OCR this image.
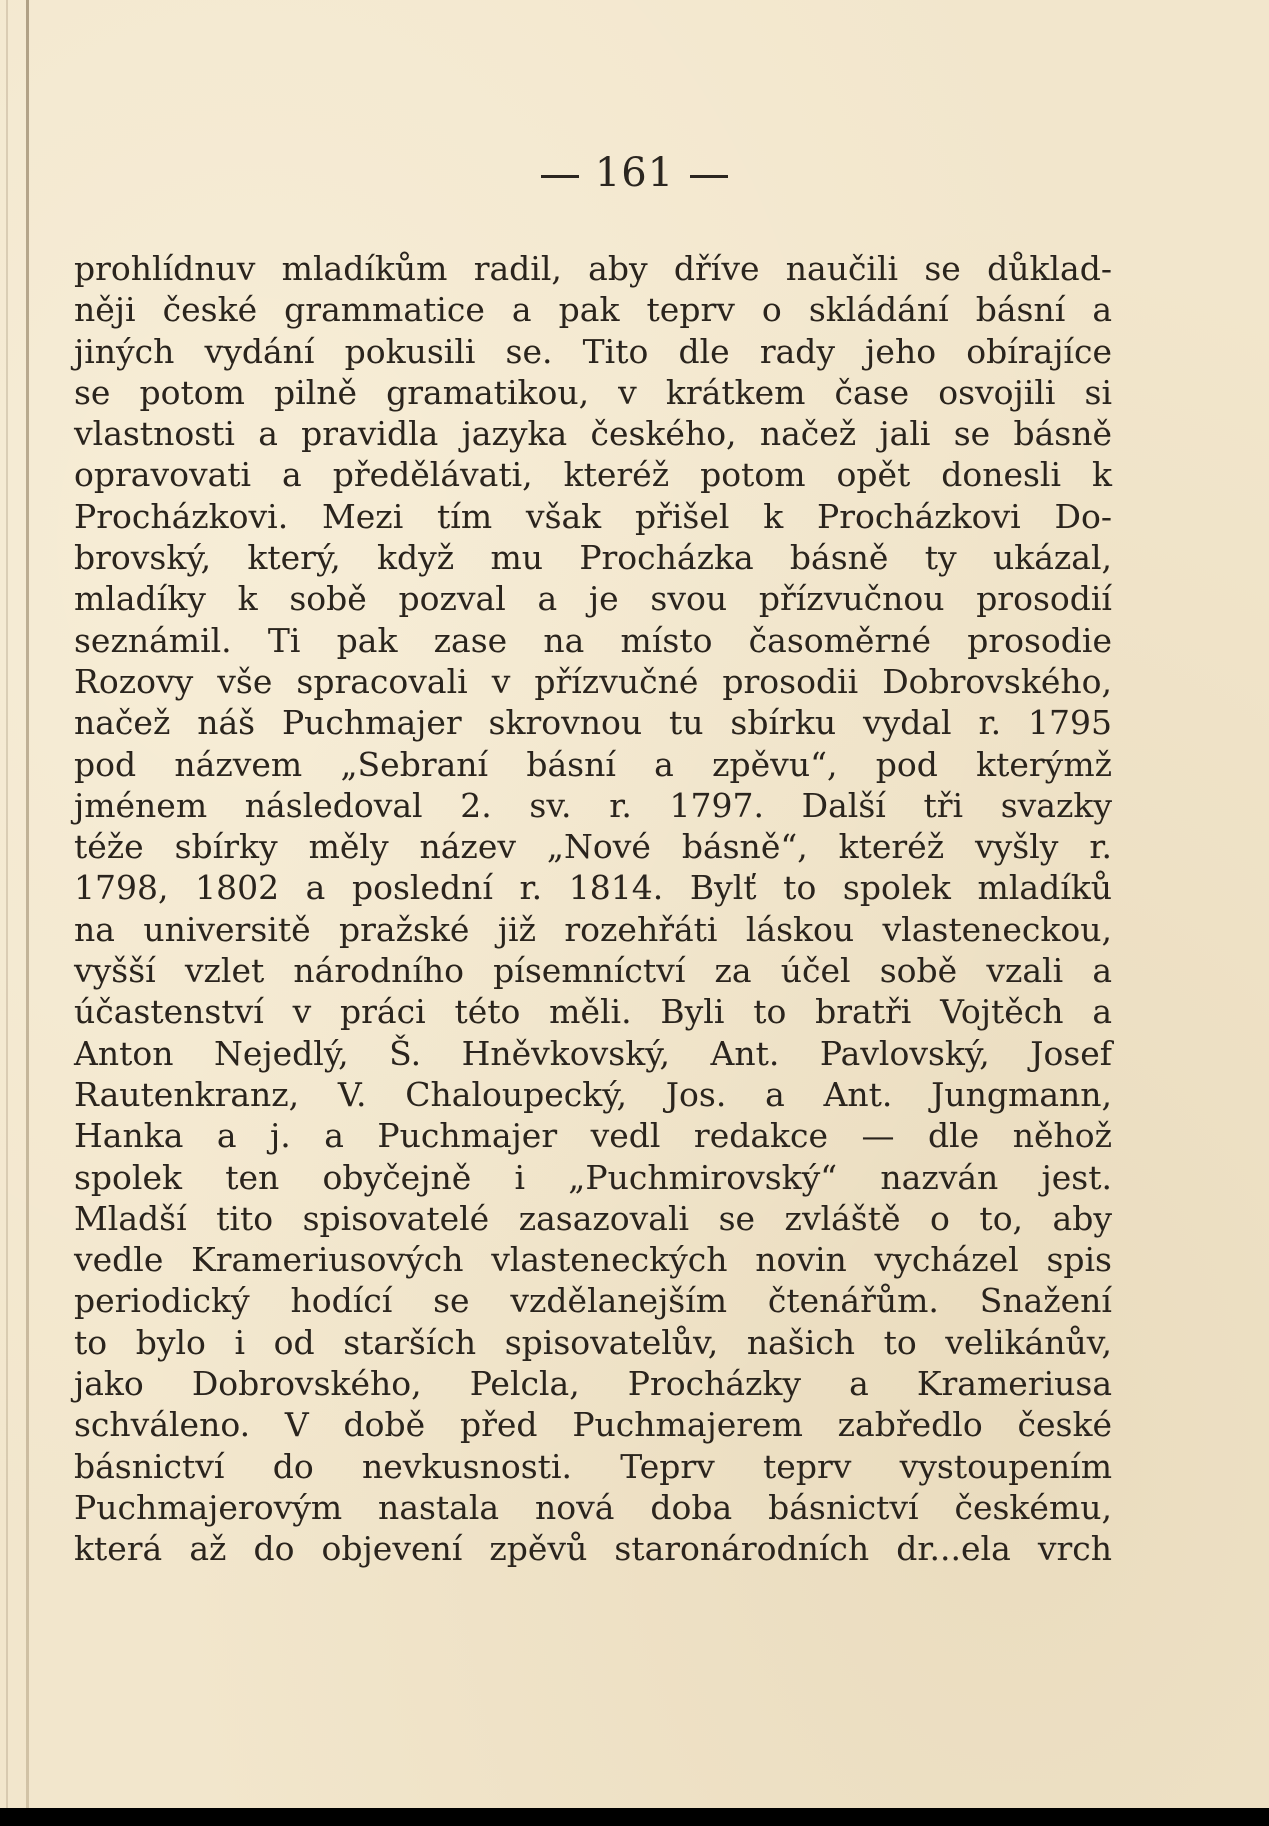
161
prohlídnuv mladíkům radil, aby dříve naučili se důklad-
něji české grammatice a pak teprv o skládání básní a
jiných vydání pokusili se. Tito dle rady jeho obírajíce
se potom pilně gramatikou, v krátkem čase osvojili si
vlastnosti a pravidla jazyka českého, načež jali se básně
opravovati a předělávati, kteréž potom opět donesli k
Procházkovi. Mezi tím však přišel k Procházkovi Do-
brovský, který, když mu Procházka básně ty ukázal,
mladíky k sobě pozval a je svou přízvučnou prosodií
seznámil. Ti pak zase na místo časoměrné prosodie
Rozovy vše spracovali v přízvučné prosodii Dobrovského,
načež náš Puchmajer skrovnou tu sbírku vydal r. 1795
pod názvem „Sebraní básní a zpěvu“, pod kterýmž
jménem následoval 2. sv. r. 1797. Další tři svazky
téže sbírky měly název „Nové básně“, kteréž vyšly r.
1798, 1802 a poslední r. 1814. Bylť to spolek mladíků
na universitě pražské již rozehřáti láskou vlasteneckou,
vyšší vzlet národního písemníctví za účel sobě vzali a
účastenství v práci této měli. Byli to bratři Vojtěch a
Anton Nejedlý, Š. Hněvkovský, Ant. Pavlovský, Josef
Rautenkranz, V. Chaloupecký, Jos. a Ant. Jungmann,
Hanka a j. a Puchmajer vedl redakce — dle něhož
spolek ten obyčejně i „Puchmirovský“ nazván jest.
Mladší tito spisovatelé zasazovali se zvláště o to, aby
vedle Krameriusových vlasteneckých novin vycházel spis
periodický hodící se vzdělanejším čtenářům. Snažení
to bylo i od starších spisovatelův, našich to velikánův,
jako Dobrovského, Pelcla, Procházky a Krameriusa
schváleno. V době před Puchmajerem zabředlo české
básnictví do nevkusnosti. Teprv teprv vystoupením
Puchmajerovým nastala nová doba básnictví českému,
která až do objevení zpěvů staronárodních dr...ela vrch
